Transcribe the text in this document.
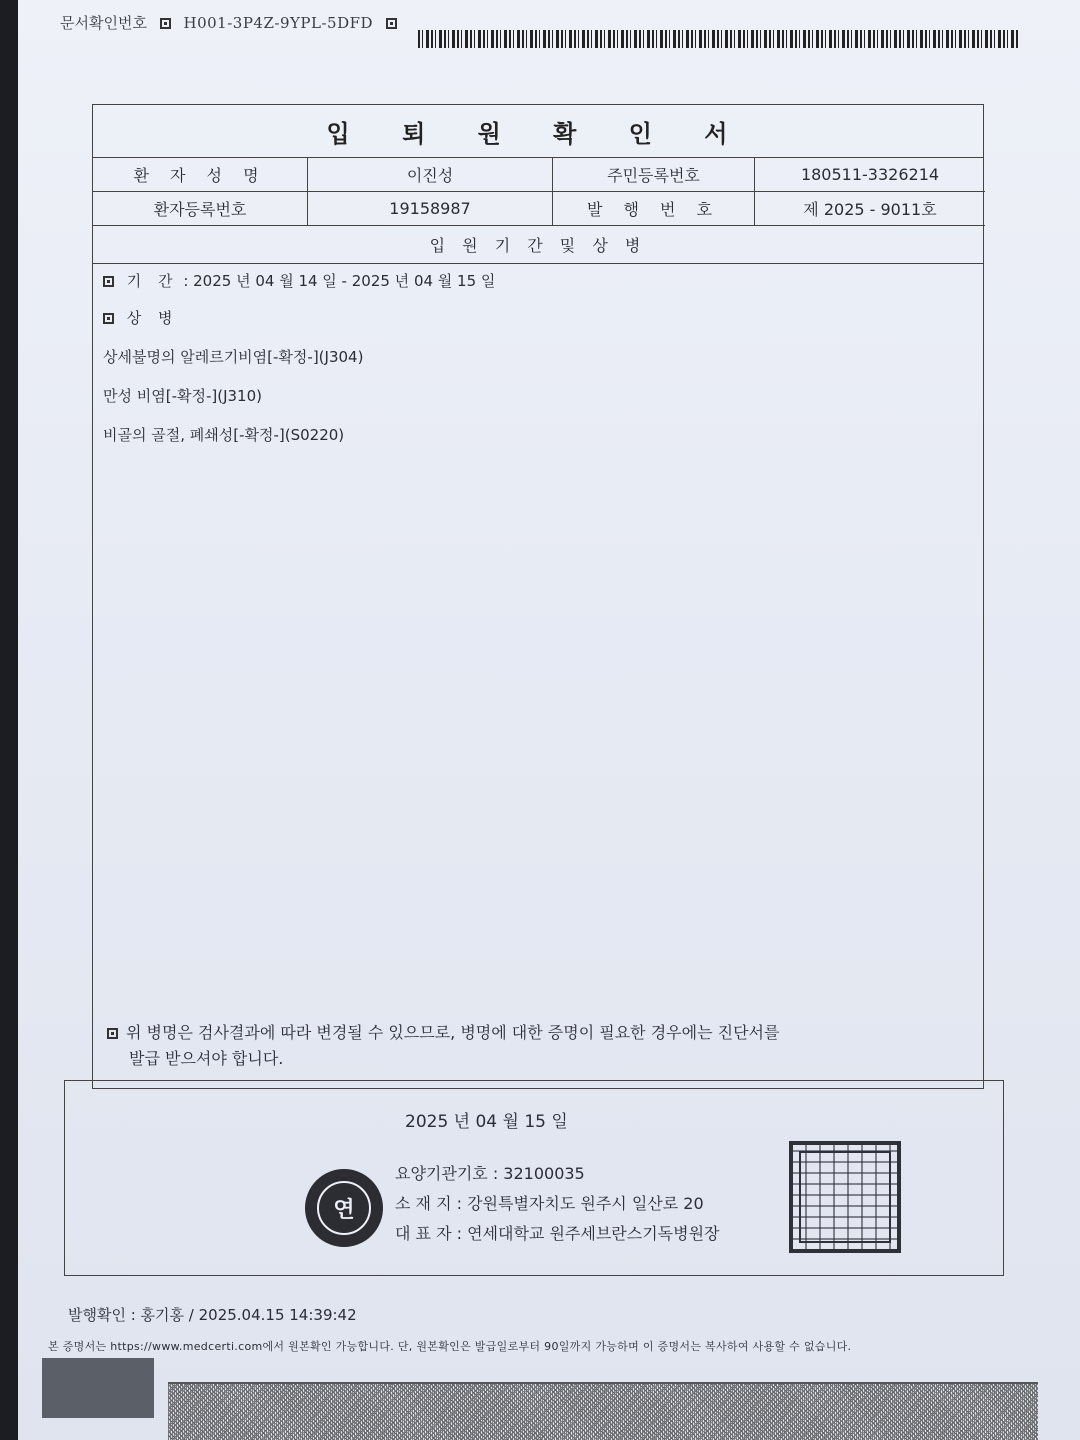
문서확인번호 H001-3P4Z-9YPL-5DFD
입 퇴 원 확 인 서
환 자 성 명	이진성	주민등록번호	180511-3326214
환자등록번호	19158987	발 행 번 호	제 2025 - 9011호
입 원 기 간 및 상 병
기 간 : 2025 년 04 월 14 일 - 2025 년 04 월 15 일
상 병
상세불명의 알레르기비염[-확정-](J304)
만성 비염[-확정-](J310)
비골의 골절, 폐쇄성[-확정-](S0220)
위 병명은 검사결과에 따라 변경될 수 있으므로, 병명에 대한 증명이 필요한 경우에는 진단서를
발급 받으셔야 합니다.
2025 년 04 월 15 일
연
요양기관기호 : 32100035
소 재 지 : 강원특별자치도 원주시 일산로 20
대 표 자 : 연세대학교 원주세브란스기독병원장
발행확인 : 홍기홍 / 2025.04.15 14:39:42
본 증명서는 https://www.medcerti.com에서 원본확인 가능합니다. 단, 원본확인은 발급일로부터 90일까지 가능하며 이 증명서는 복사하여 사용할 수 없습니다.
